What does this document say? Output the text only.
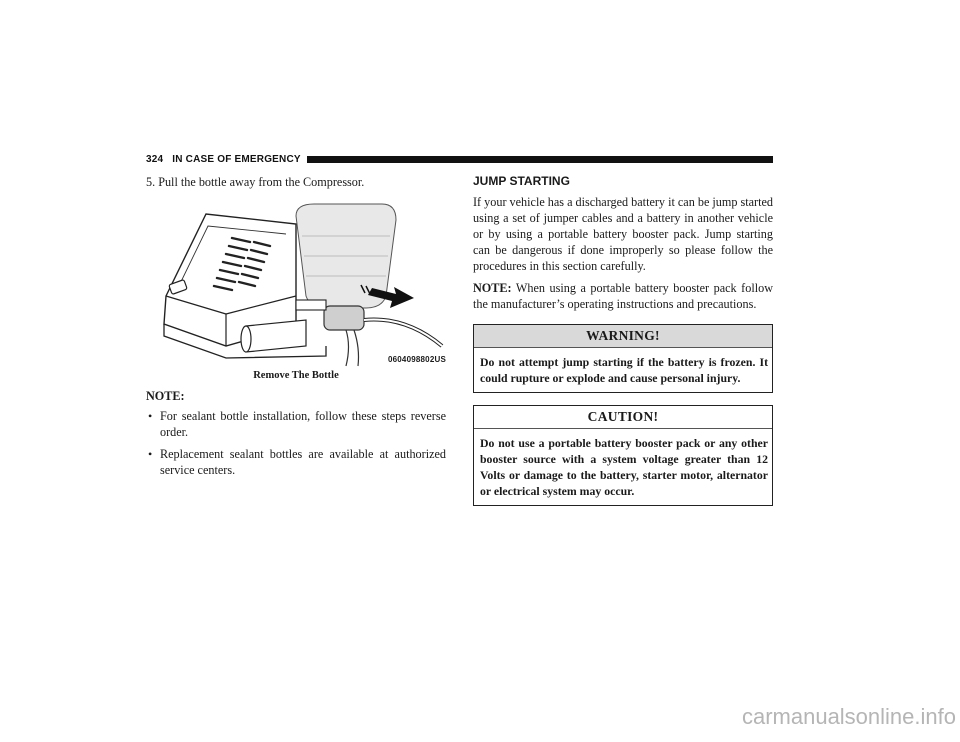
324 IN CASE OF EMERGENCY
5. Pull the bottle away from the Compressor.
0604098802US
Remove The Bottle
NOTE:
• For sealant bottle installation, follow these steps reverse order.
• Replacement sealant bottles are available at authorized service centers.
JUMP STARTING
If your vehicle has a discharged battery it can be jump started using a set of jumper cables and a battery in another vehicle or by using a portable battery booster pack. Jump starting can be dangerous if done improperly so please follow the procedures in this section carefully.
NOTE: When using a portable battery booster pack follow the manufacturer’s operating instructions and precautions.
WARNING!
Do not attempt jump starting if the battery is frozen. It could rupture or explode and cause personal injury.
CAUTION!
Do not use a portable battery booster pack or any other booster source with a system voltage greater than 12 Volts or damage to the battery, starter motor, alternator or electrical system may occur.
carmanualsonline.info
